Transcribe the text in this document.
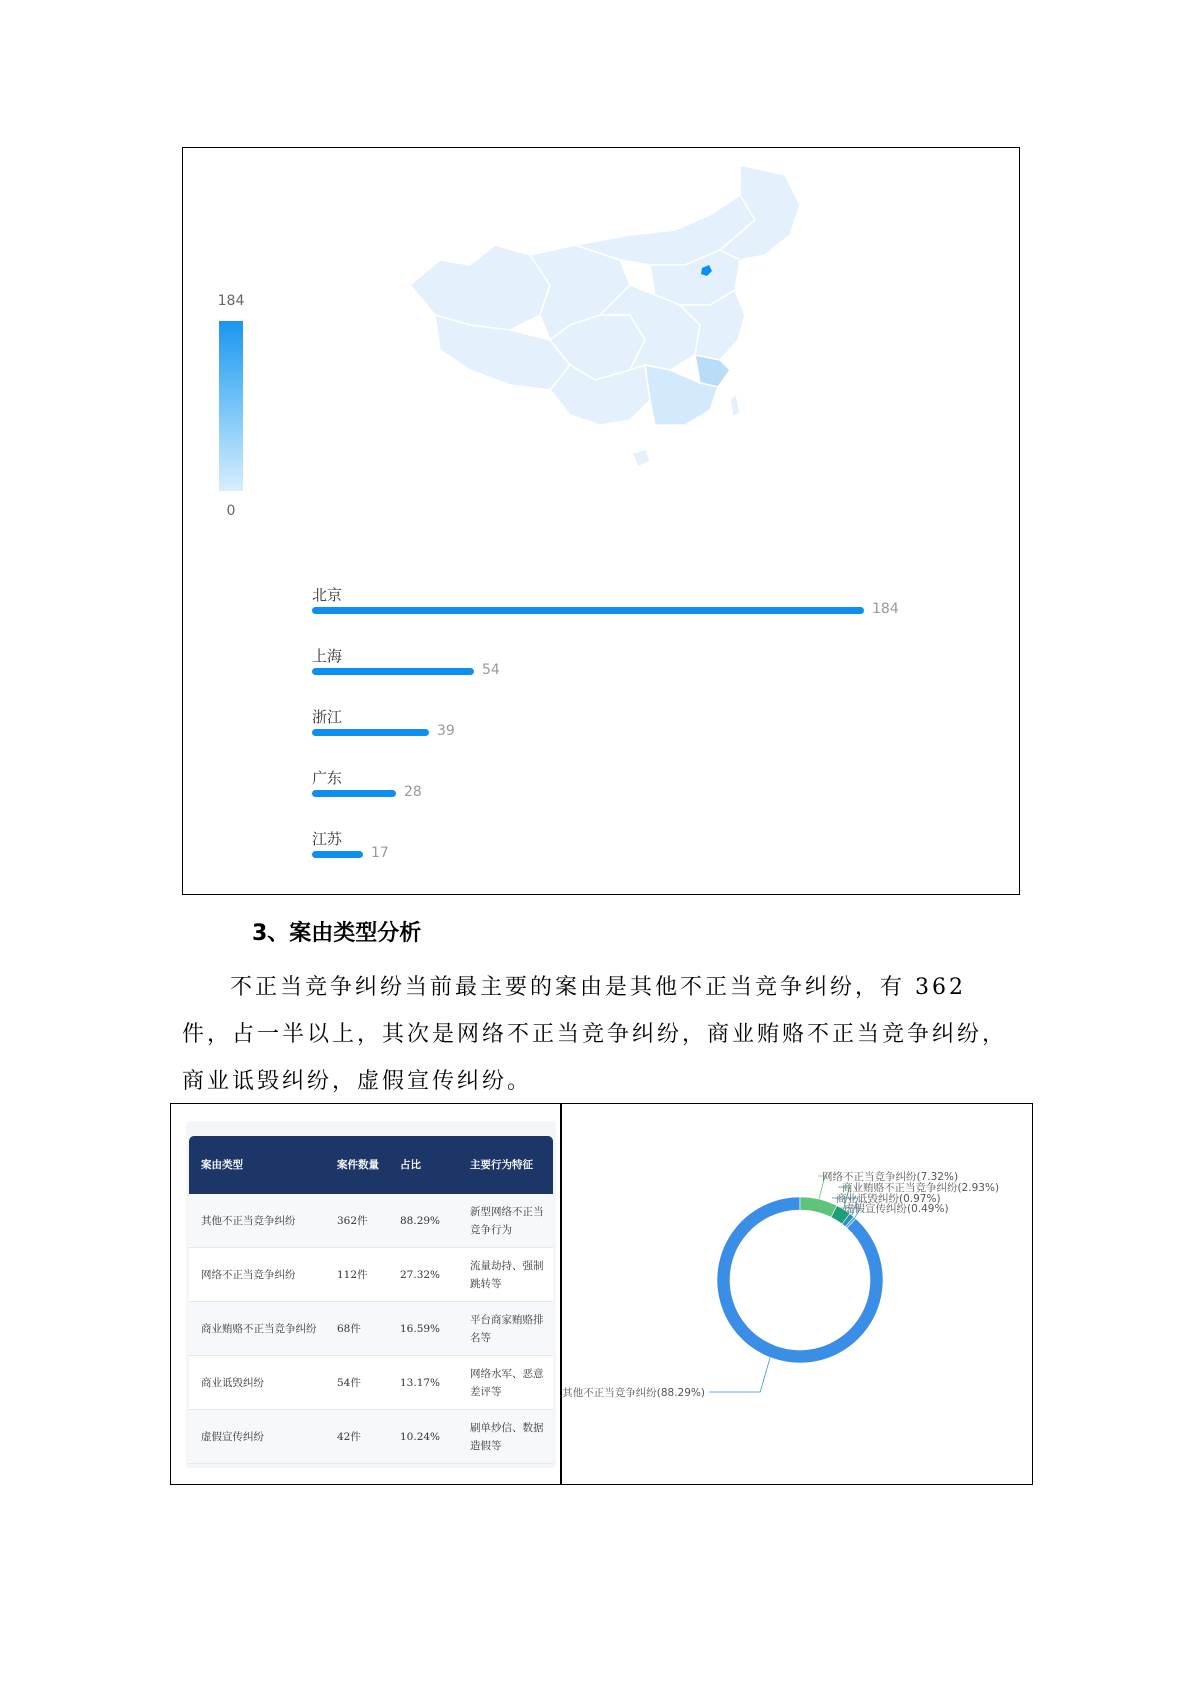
184
0
北京
184
上海
54
浙江
39
广东
28
江苏
17
3、案由类型分析

不正当竞争纠纷当前最主要的案由是其他不正当竞争纠纷，有 362 件，占一半以上，其次是网络不正当竞争纠纷，商业贿赂不正当竞争纠纷，商业诋毁纠纷，虚假宣传纠纷。

案由类型	案件数量	占比	主要行为特征
其他不正当竞争纠纷	362件	88.29%	新型网络不正当竞争行为
网络不正当竞争纠纷	112件	27.32%	流量劫持、强制跳转等
商业贿赂不正当竞争纠纷	68件	16.59%	平台商家贿赂排名等
商业诋毁纠纷	54件	13.17%	网络水军、恶意差评等
虚假宣传纠纷	42件	10.24%	刷单炒信、数据造假等
其他不正当竞争纠纷(88.29%)
网络不正当竞争纠纷(7.32%)
商业贿赂不正当竞争纠纷(2.93%)
商业诋毁纠纷(0.97%)
虚假宣传纠纷(0.49%)
